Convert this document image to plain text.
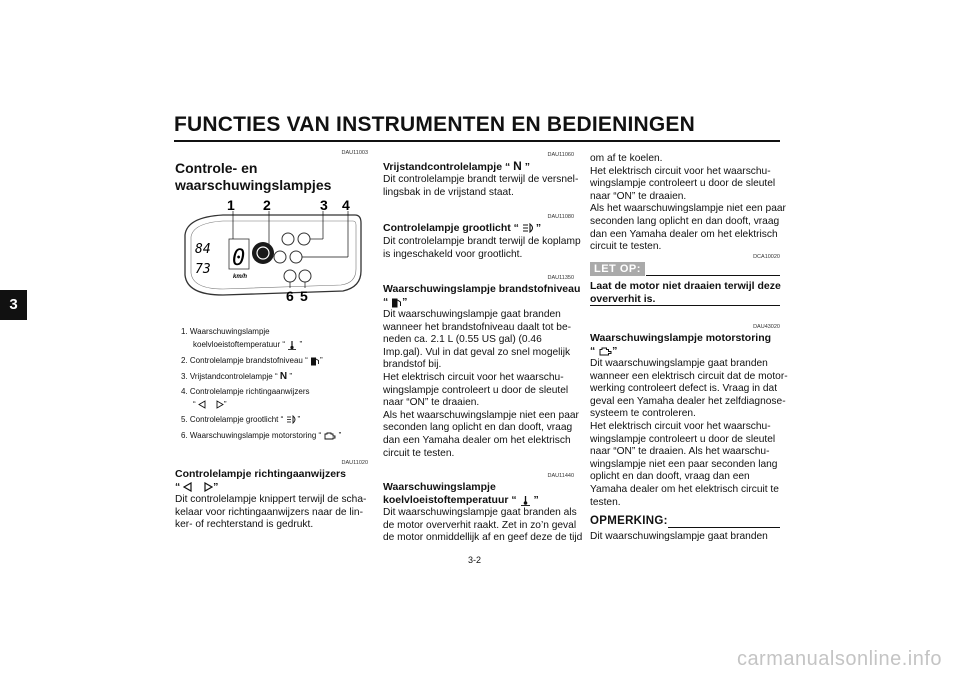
FUNCTIES VAN INSTRUMENTEN EN BEDIENINGEN
3
DAU11003
Controle- en
waarschuwingslampjes
1 2	3 4
6 5
84
73 0
km/h
1. Waarschuwingslampje
koelvloeistoftemperatuur “  ”
2. Controlelampje brandstofniveau “ ”
3. Vrijstandcontrolelampje “ N ”
4. Controlelampje richtingaanwijzers
“	”
5. Controlelampje grootlicht “ ”
6. Waarschuwingslampje motorstoring “  ”
DAU11020
Controlelampje richtingaanwijzers
“	”
Dit controlelampje knippert terwijl de scha-
kelaar voor richtingaanwijzers naar de lin-
ker- of rechterstand is gedrukt.
DAU11060
Vrijstandcontrolelampje “ N ”
Dit controlelampje brandt terwijl de versnel-
lingsbak in de vrijstand staat.
DAU11080
Controlelampje grootlicht “ ”
Dit controlelampje brandt terwijl de koplamp
is ingeschakeld voor grootlicht.
DAU11350
Waarschuwingslampje brandstofniveau
“ ”
Dit waarschuwingslampje gaat branden
wanneer het brandstofniveau daalt tot be-
neden ca. 2.1 L (0.55 US gal) (0.46
Imp.gal). Vul in dat geval zo snel mogelijk
brandstof bij.
Het elektrisch circuit voor het waarschu-
wingslampje controleert u door de sleutel
naar “ON” te draaien.
Als het waarschuwingslampje niet een paar
seconden lang oplicht en dan dooft, vraag
dan een Yamaha dealer om het elektrisch
circuit te testen.
DAU11440
Waarschuwingslampje
koelvloeistoftemperatuur “  ”
Dit waarschuwingslampje gaat branden als
de motor oververhit raakt. Zet in zo’n geval
de motor onmiddellijk af en geef deze de tijd
om af te koelen.
Het elektrisch circuit voor het waarschu-
wingslampje controleert u door de sleutel
naar “ON” te draaien.
Als het waarschuwingslampje niet een paar
seconden lang oplicht en dan dooft, vraag
dan een Yamaha dealer om het elektrisch
circuit te testen.
DCA10020
LET OP:
Laat de motor niet draaien terwijl deze
oververhit is.
DAU43020
Waarschuwingslampje motorstoring
“ ”
Dit waarschuwingslampje gaat branden
wanneer een elektrisch circuit dat de motor-
werking controleert defect is. Vraag in dat
geval een Yamaha dealer het zelfdiagnose-
systeem te controleren.
Het elektrisch circuit voor het waarschu-
wingslampje controleert u door de sleutel
naar “ON” te draaien. Als het waarschu-
wingslampje niet een paar seconden lang
oplicht en dan dooft, vraag dan een
Yamaha dealer om het elektrisch circuit te
testen.
OPMERKING:
Dit waarschuwingslampje gaat branden
3-2
carmanualsonline.info
